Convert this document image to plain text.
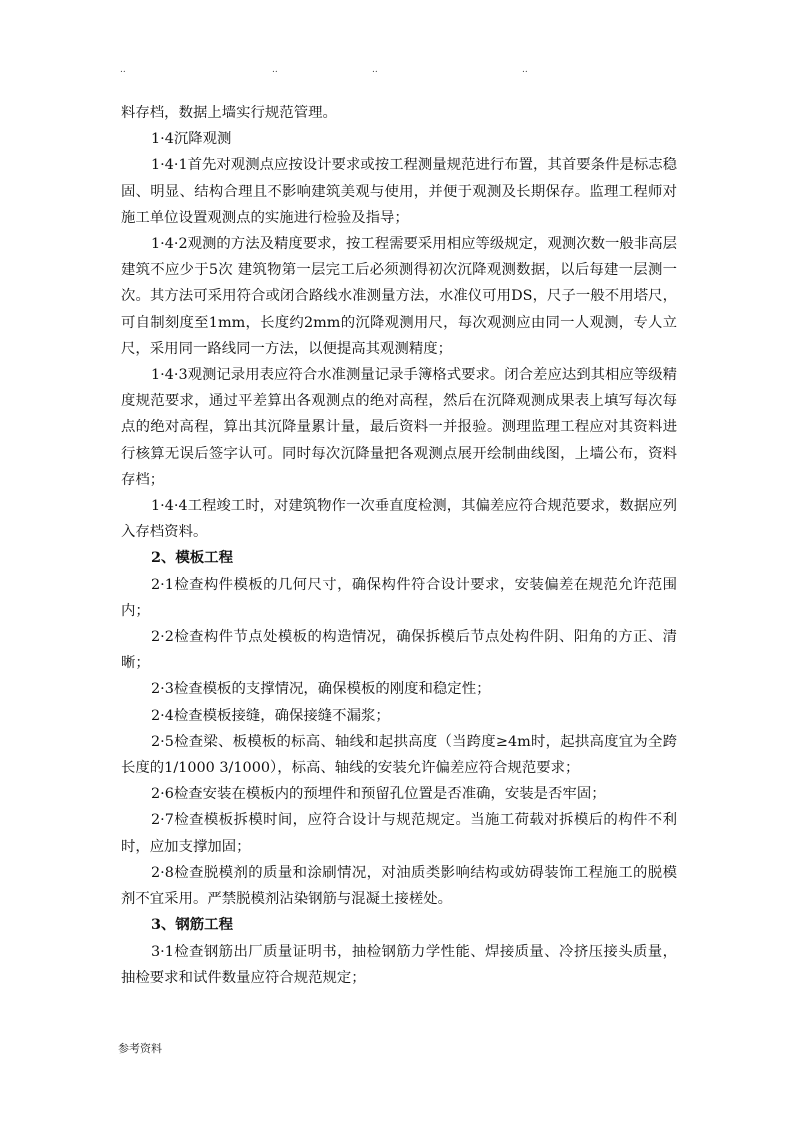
..	..	..	..

料存档，数据上墙实行规范管理。

1·4沉降观测

1·4·1首先对观测点应按设计要求或按工程测量规范进行布置，其首要条件是标志稳固、明显、结构合理且不影响建筑美观与使用，并便于观测及长期保存。监理工程师对施工单位设置观测点的实施进行检验及指导；

1·4·2观测的方法及精度要求，按工程需要采用相应等级规定，观测次数一般非高层建筑不应少于5次 建筑物第一层完工后必须测得初次沉降观测数据，以后每建一层测一次。其方法可采用符合或闭合路线水准测量方法，水准仪可用DS，尺子一般不用塔尺，可自制刻度至1mm，长度约2mm的沉降观测用尺，每次观测应由同一人观测，专人立尺，采用同一路线同一方法，以便提高其观测精度；

1·4·3观测记录用表应符合水准测量记录手簿格式要求。闭合差应达到其相应等级精度规范要求，通过平差算出各观测点的绝对高程，然后在沉降观测成果表上填写每次每点的绝对高程，算出其沉降量累计量，最后资料一并报验。测理监理工程应对其资料进行核算无误后签字认可。同时每次沉降量把各观测点展开绘制曲线图，上墙公布，资料存档；

1·4·4工程竣工时，对建筑物作一次垂直度检测，其偏差应符合规范要求，数据应列入存档资料。

2、模板工程

2·1检查构件模板的几何尺寸，确保构件符合设计要求，安装偏差在规范允许范围内；

2·2检查构件节点处模板的构造情况，确保拆模后节点处构件阴、阳角的方正、清晰；

2·3检查模板的支撑情况，确保模板的刚度和稳定性；

2·4检查模板接缝，确保接缝不漏浆；

2·5检查梁、板模板的标高、轴线和起拱高度（当跨度≥4m时，起拱高度宜为全跨长度的1/1000 3/1000），标高、轴线的安装允许偏差应符合规范要求；

2·6检查安装在模板内的预埋件和预留孔位置是否准确，安装是否牢固；

2·7检查模板拆模时间，应符合设计与规范规定。当施工荷载对拆模后的构件不利时，应加支撑加固；

2·8检查脱模剂的质量和涂刷情况，对油质类影响结构或妨碍装饰工程施工的脱模剂不宜采用。严禁脱模剂沾染钢筋与混凝土接槎处。

3、钢筋工程

3·1检查钢筋出厂质量证明书，抽检钢筋力学性能、焊接质量、冷挤压接头质量，抽检要求和试件数量应符合规范规定；

参考资料
